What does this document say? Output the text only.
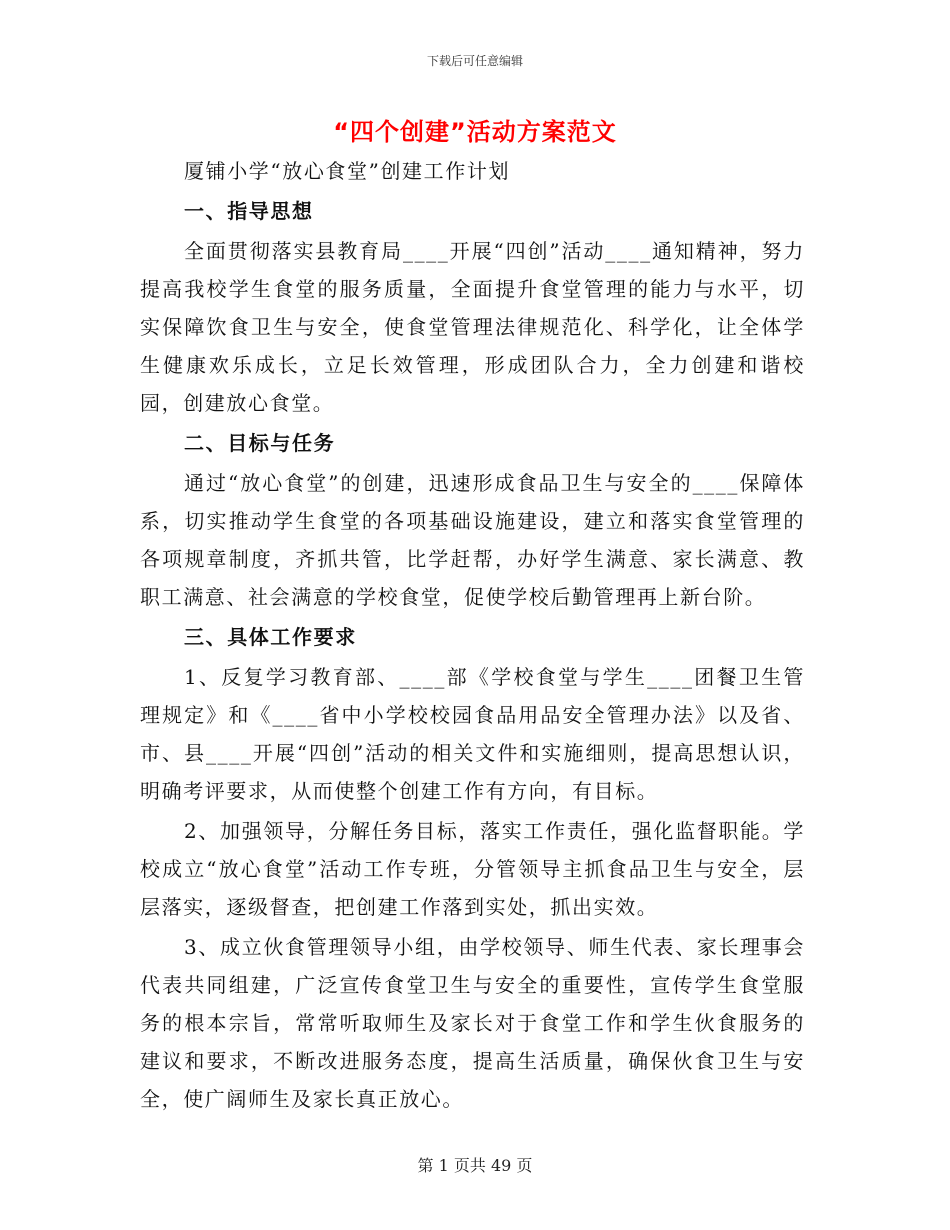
下载后可任意编辑
“四个创建”活动方案范文

厦铺小学“放心食堂”创建工作计划

一、指导思想

全面贯彻落实县教育局____开展“四创”活动____通知精神，努力提高我校学生食堂的服务质量，全面提升食堂管理的能力与水平，切实保障饮食卫生与安全，使食堂管理法律规范化、科学化，让全体学生健康欢乐成长，立足长效管理，形成团队合力，全力创建和谐校园，创建放心食堂。

二、目标与任务

通过“放心食堂”的创建，迅速形成食品卫生与安全的____保障体系，切实推动学生食堂的各项基础设施建设，建立和落实食堂管理的各项规章制度，齐抓共管，比学赶帮，办好学生满意、家长满意、教职工满意、社会满意的学校食堂，促使学校后勤管理再上新台阶。

三、具体工作要求

1、反复学习教育部、____部《学校食堂与学生____团餐卫生管理规定》和《____省中小学校校园食品用品安全管理办法》以及省、市、县____开展“四创”活动的相关文件和实施细则，提高思想认识，明确考评要求，从而使整个创建工作有方向，有目标。

2、加强领导，分解任务目标，落实工作责任，强化监督职能。学校成立“放心食堂”活动工作专班，分管领导主抓食品卫生与安全，层层落实，逐级督查，把创建工作落到实处，抓出实效。

3、成立伙食管理领导小组，由学校领导、师生代表、家长理事会代表共同组建，广泛宣传食堂卫生与安全的重要性，宣传学生食堂服务的根本宗旨，常常听取师生及家长对于食堂工作和学生伙食服务的建议和要求，不断改进服务态度，提高生活质量，确保伙食卫生与安全，使广阔师生及家长真正放心。

第 1 页共 49 页
